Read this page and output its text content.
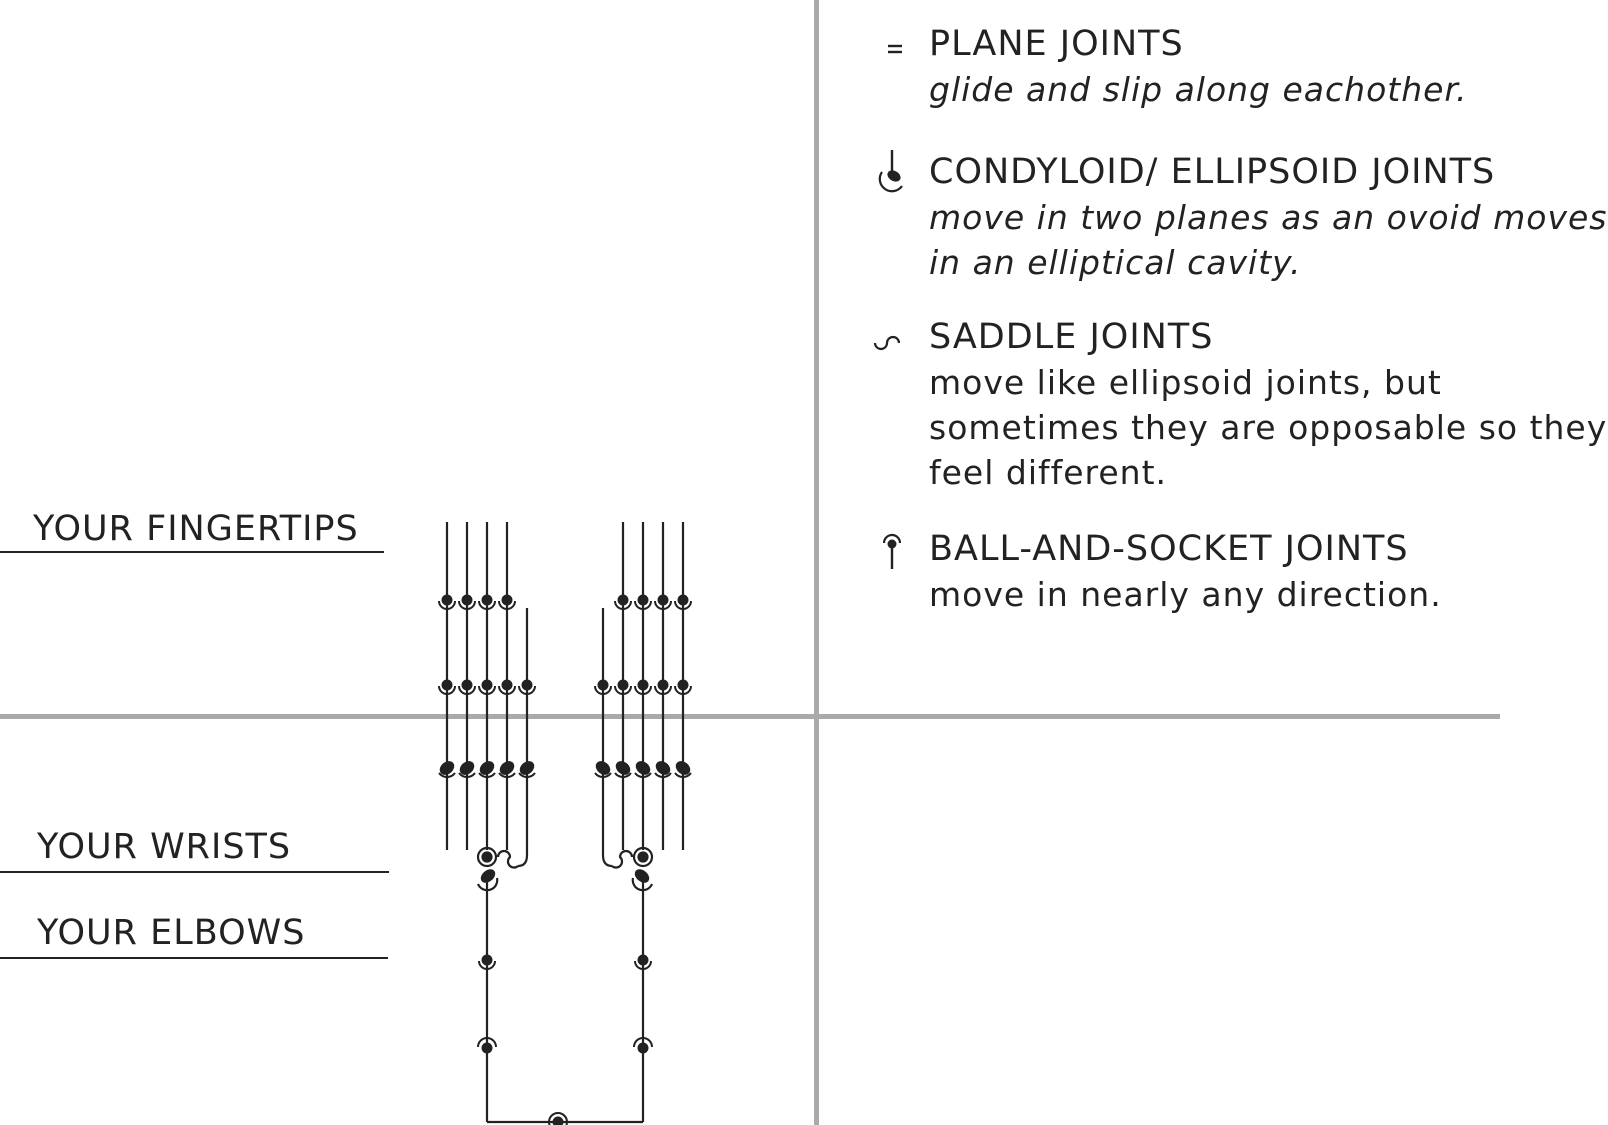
YOUR FINGERTIPS
YOUR WRISTS
YOUR ELBOWS
PLANE JOINTS
glide and slip along eachother.
CONDYLOID/ ELLIPSOID JOINTS
move in two planes as an ovoid moves
in an elliptical cavity.
SADDLE JOINTS
move like ellipsoid joints, but
sometimes they are opposable so they
feel different.
BALL-AND-SOCKET JOINTS
move in nearly any direction.
